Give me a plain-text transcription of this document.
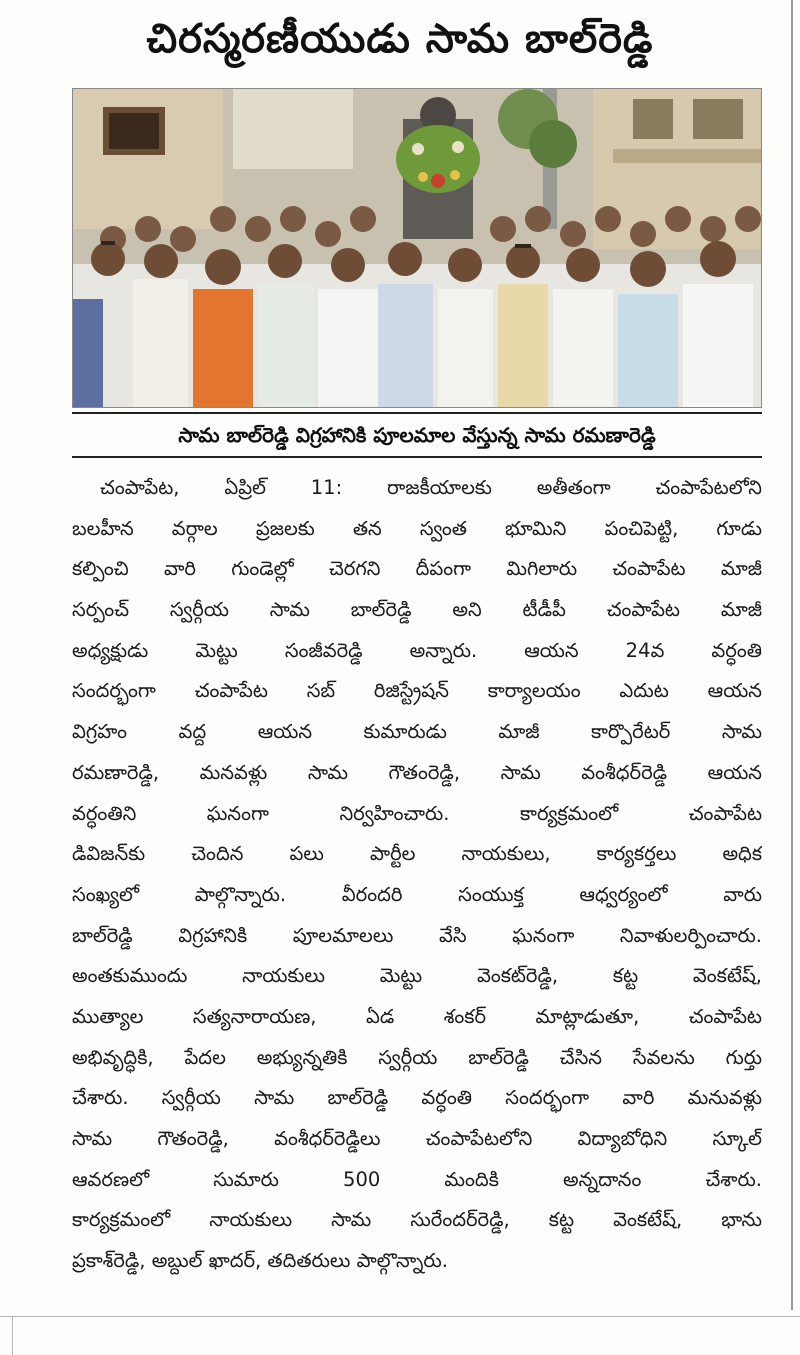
చిరస్మరణీయుడు సామ బాల్‌రెడ్డి
సామ బాల్‌రెడ్డి విగ్రహానికి పూలమాల వేస్తున్న సామ రమణారెడ్డి
చంపాపేట, ఏప్రిల్ 11: రాజకీయాలకు అతీతంగా చంపాపేటలోని
బలహీన వర్గాల ప్రజలకు తన స్వంత భూమిని పంచిపెట్టి, గూడు
కల్పించి వారి గుండెల్లో చెరగని దీపంగా మిగిలారు చంపాపేట మాజీ
సర్పంచ్ స్వర్గీయ సామ బాల్‌రెడ్డి అని టీడీపీ చంపాపేట మాజీ
అధ్యక్షుడు మెట్టు సంజీవరెడ్డి అన్నారు. ఆయన 24వ వర్ధంతి
సందర్భంగా చంపాపేట సబ్ రిజిస్ట్రేషన్ కార్యాలయం ఎదుట ఆయన
విగ్రహం వద్ద ఆయన కుమారుడు మాజీ కార్పొరేటర్ సామ
రమణారెడ్డి, మనవళ్లు సామ గౌతంరెడ్డి, సామ వంశీధర్‌రెడ్డి ఆయన
వర్ధంతిని ఘనంగా నిర్వహించారు. కార్యక్రమంలో చంపాపేట
డివిజన్‌కు చెందిన పలు పార్టీల నాయకులు, కార్యకర్తలు అధిక
సంఖ్యలో పాల్గొన్నారు. వీరందరి సంయుక్త ఆధ్వర్యంలో వారు
బాల్‌రెడ్డి విగ్రహానికి పూలమాలలు వేసి ఘనంగా నివాళులర్పించారు.
అంతకుముందు నాయకులు మెట్టు వెంకట్‌రెడ్డి, కట్ట వెంకటేష్,
ముత్యాల సత్యనారాయణ, ఏడ శంకర్ మాట్లాడుతూ, చంపాపేట
అభివృద్ధికి, పేదల అభ్యున్నతికి స్వర్గీయ బాల్‌రెడ్డి చేసిన సేవలను గుర్తు
చేశారు. స్వర్గీయ సామ బాల్‌రెడ్డి వర్ధంతి సందర్భంగా వారి మనువళ్లు
సామ గౌతంరెడ్డి, వంశీధర్‌రెడ్డిలు చంపాపేటలోని విద్యాబోధిని స్కూల్
ఆవరణలో సుమారు 500 మందికి అన్నదానం చేశారు.
కార్యక్రమంలో నాయకులు సామ సురేందర్‌రెడ్డి, కట్ట వెంకటేష్, భాను
ప్రకాశ్‌రెడ్డి, అబ్దుల్ ఖాదర్, తదితరులు పాల్గొన్నారు.
